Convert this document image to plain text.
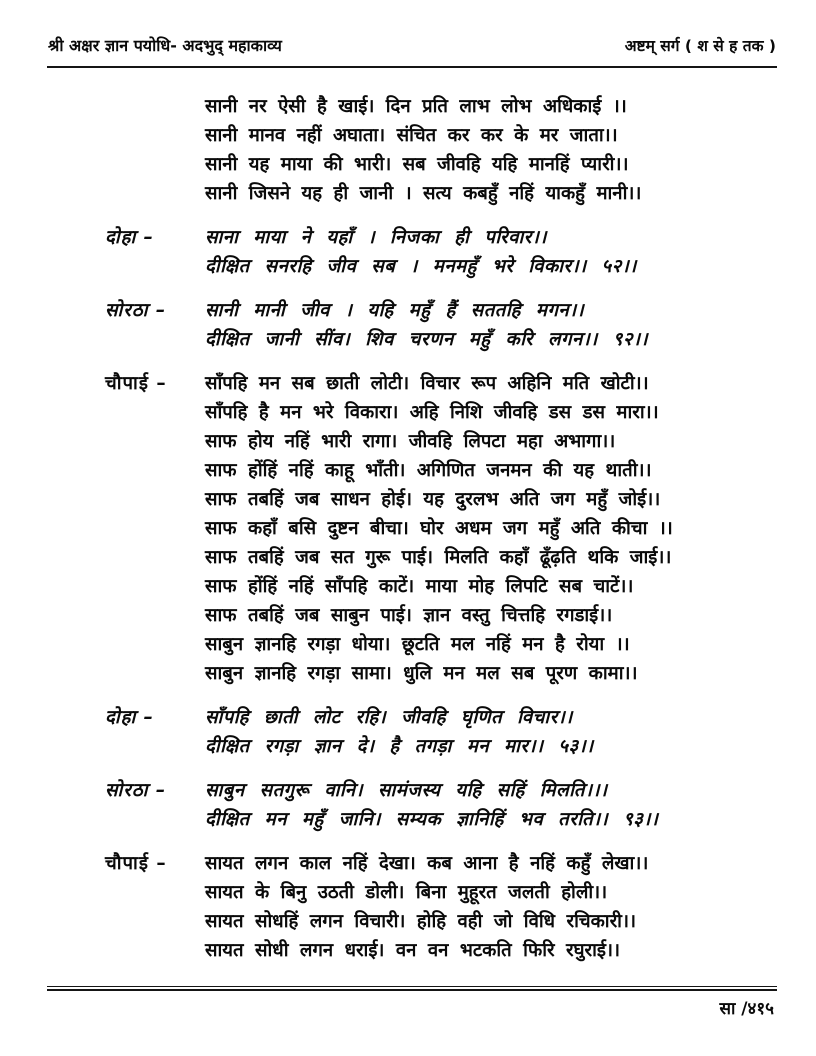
श्री अक्षर ज्ञान पयोधि- अदभुद् महाकाव्य	अष्टम् सर्ग ( श से ह तक )

सानी नर ऐसी है खाई। दिन प्रति लाभ लोभ अधिकाई ।।

सानी मानव नहीं अघाता। संचित कर कर के मर जाता।।

सानी यह माया की भारी। सब जीवहि यहि मानहिं प्यारी।।

सानी जिसने यह ही जानी । सत्य कबहुँ नहिं याकहुँ मानी।।

दोहा –	साना माया ने यहाँ । निजका ही परिवार।।

दीक्षित सनरहि जीव सब । मनमहुँ भरे विकार।। ५२।।

सोरठा –	सानी मानी जीव । यहि महुँ हैं सततहि मगन।।

दीक्षित जानी सींव। शिव चरणन महुँ करि लगन।। ९२।।

चौपाई –	साँपहि मन सब छाती लोटी। विचार रूप अहिनि मति खोटी।।

साँपहि है मन भरे विकारा। अहि निशि जीवहि डस डस मारा।।

साफ होय नहिं भारी रागा। जीवहि लिपटा महा अभागा।।

साफ होंहिं नहिं काहू भाँती। अगिणित जनमन की यह थाती।।

साफ तबहिं जब साधन होई। यह दुरलभ अति जग महुँ जोई।।

साफ कहाँ बसि दुष्टन बीचा। घोर अधम जग महुँ अति कीचा ।।

साफ तबहिं जब सत गुरू पाई। मिलति कहाँ ढूँढ़ति थकि जाई।।

साफ होंहिं नहिं साँपहि काटें। माया मोह लिपटि सब चाटें।।

साफ तबहिं जब साबुन पाई। ज्ञान वस्तु चित्तहि रगडाई।।

साबुन ज्ञानहि रगड़ा धोया। छूटति मल नहिं मन है रोया ।।

साबुन ज्ञानहि रगड़ा सामा। धुलि मन मल सब पूरण कामा।।

दोहा –	साँपहि छाती लोट रहि। जीवहि घृणित विचार।।

दीक्षित रगड़ा ज्ञान दे। है तगड़ा मन मार।। ५३।।

सोरठा –	साबुन सतगुरू वानि। सामंजस्य यहि सहिं मिलति।।।

दीक्षित मन महुँ जानि। सम्यक ज्ञानिहिं भव तरति।। ९३।।

चौपाई –	सायत लगन काल नहिं देखा। कब आना है नहिं कहुँ लेखा।।

सायत के बिनु उठती डोली। बिना मुहूरत जलती होली।।

सायत सोधहिं लगन विचारी। होहि वही जो विधि रचिकारी।।

सायत सोधी लगन धराई। वन वन भटकति फिरि रघुराई।।

सा /४१५
